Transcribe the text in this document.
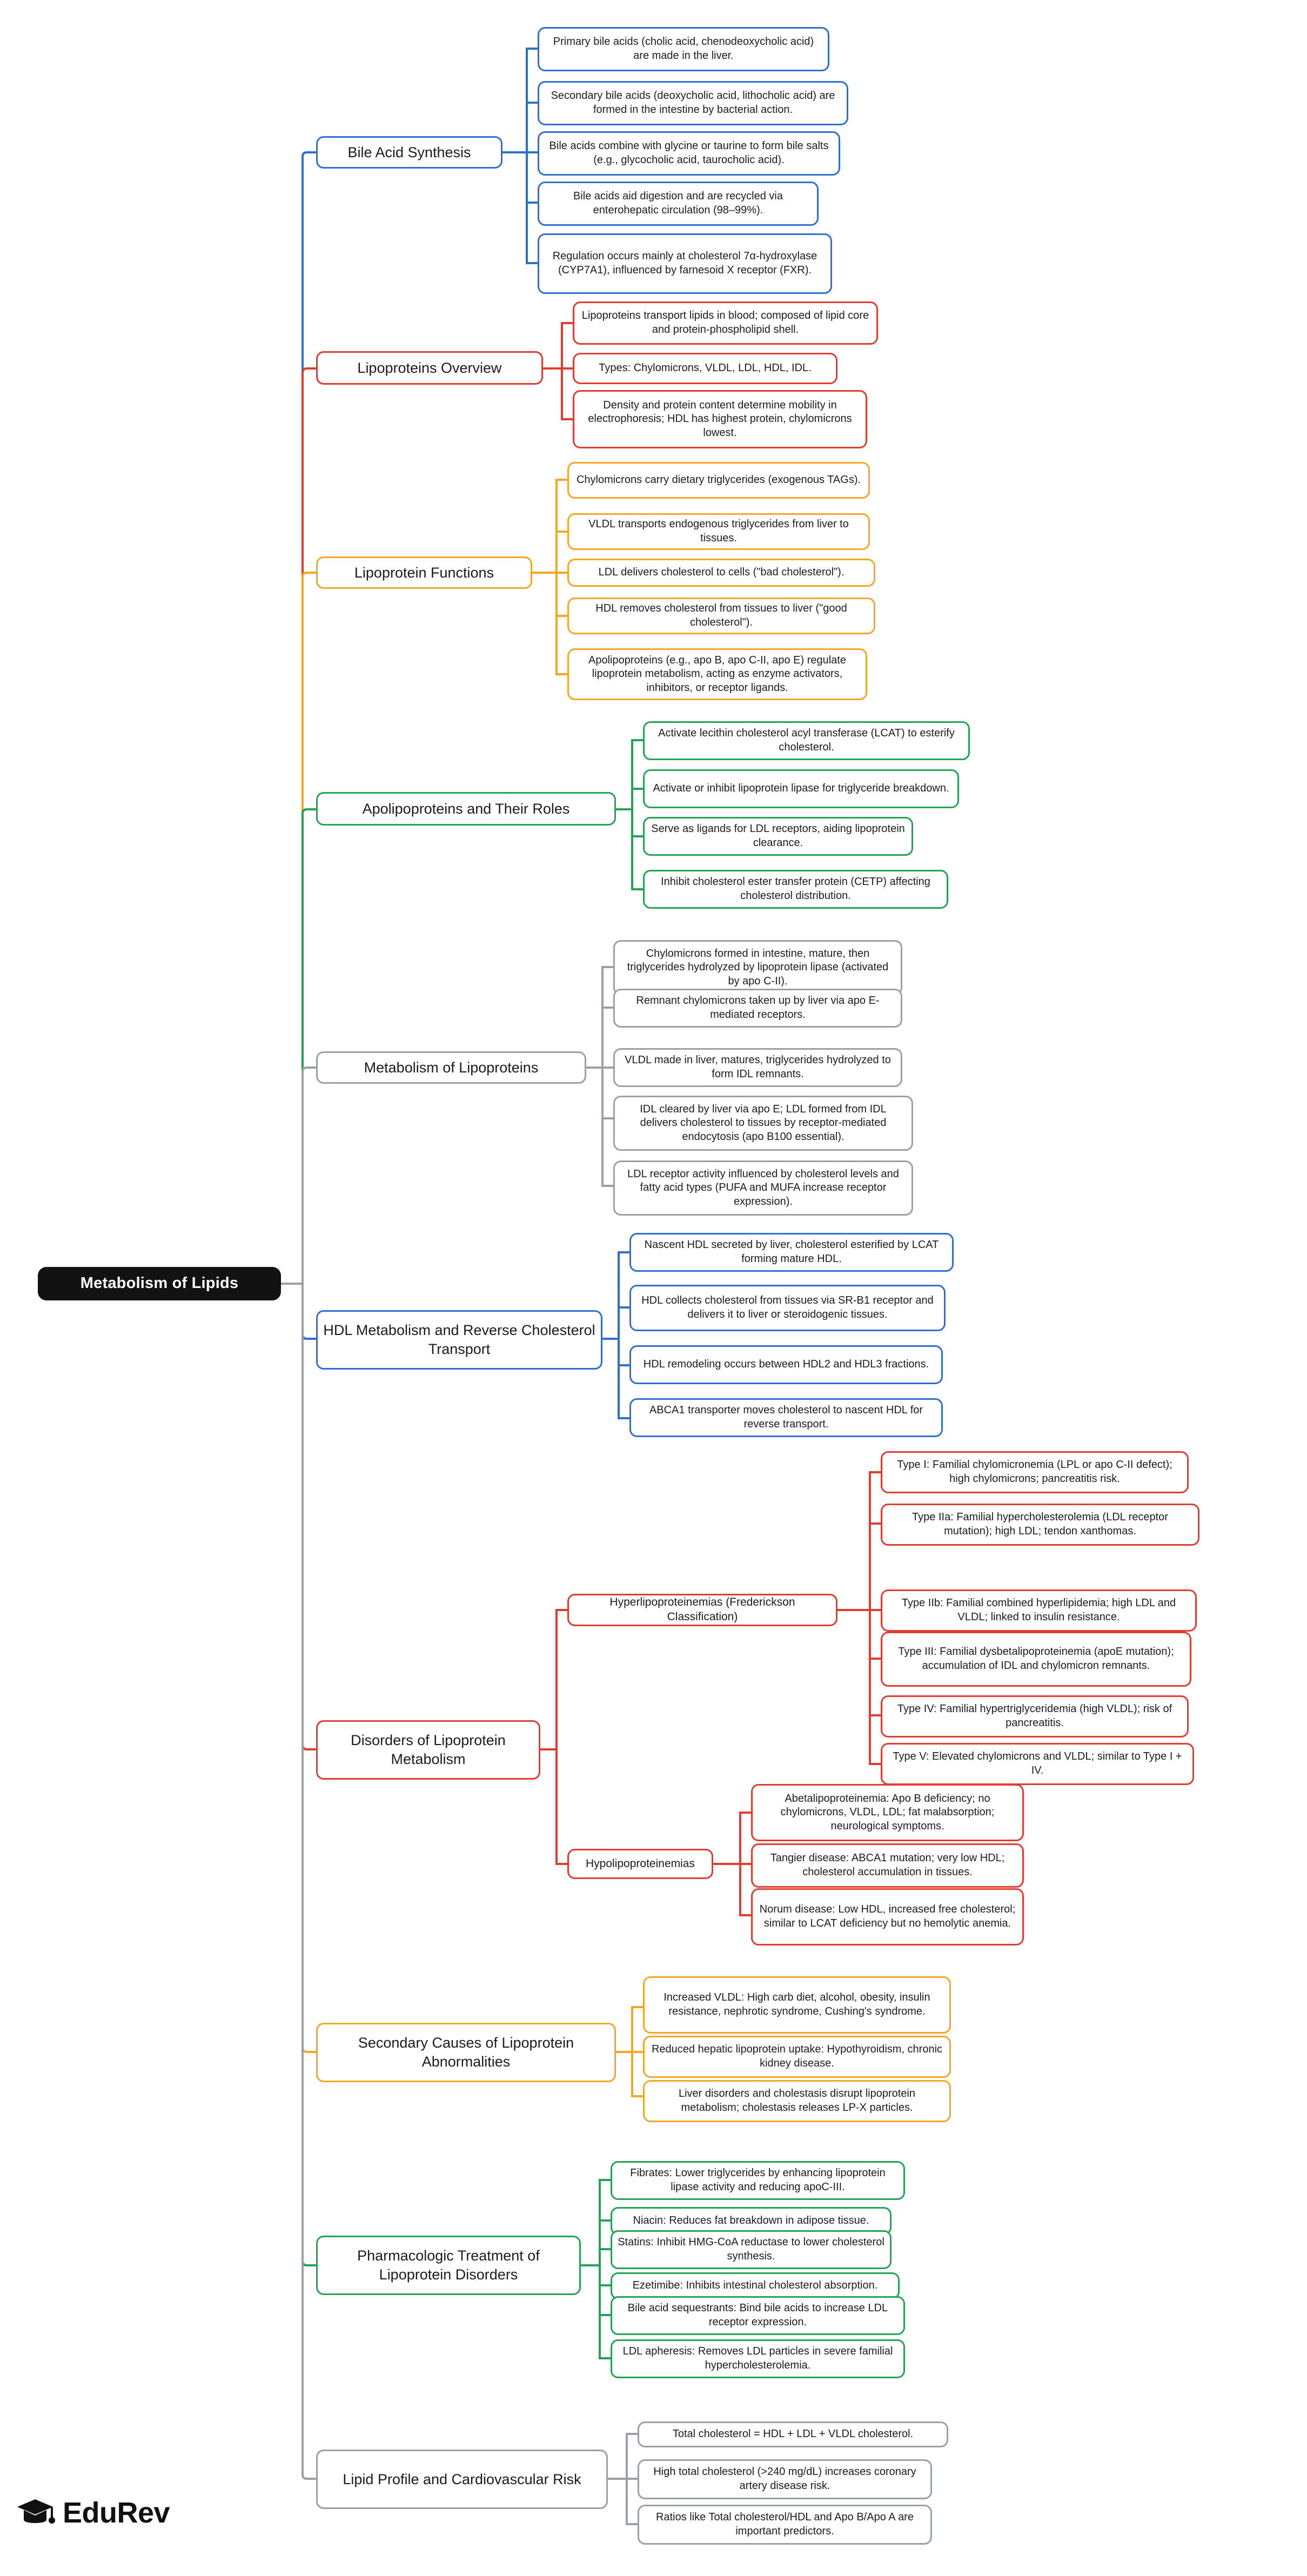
Metabolism of Lipids
Bile Acid Synthesis
Primary bile acids (cholic acid, chenodeoxycholic acid) are made in the liver.
Secondary bile acids (deoxycholic acid, lithocholic acid) are formed in the intestine by bacterial action.
Bile acids combine with glycine or taurine to form bile salts (e.g., glycocholic acid, taurocholic acid).
Bile acids aid digestion and are recycled via enterohepatic circulation (98–99%).
Regulation occurs mainly at cholesterol 7α-hydroxylase (CYP7A1), influenced by farnesoid X receptor (FXR).
Lipoproteins Overview
Lipoproteins transport lipids in blood; composed of lipid core and protein-phospholipid shell.
Types: Chylomicrons, VLDL, LDL, HDL, IDL.
Density and protein content determine mobility in electrophoresis; HDL has highest protein, chylomicrons lowest.
Lipoprotein Functions
Chylomicrons carry dietary triglycerides (exogenous TAGs).
VLDL transports endogenous triglycerides from liver to tissues.
LDL delivers cholesterol to cells ("bad cholesterol").
HDL removes cholesterol from tissues to liver ("good cholesterol").
Apolipoproteins (e.g., apo B, apo C-II, apo E) regulate lipoprotein metabolism, acting as enzyme activators, inhibitors, or receptor ligands.
Apolipoproteins and Their Roles
Activate lecithin cholesterol acyl transferase (LCAT) to esterify cholesterol.
Activate or inhibit lipoprotein lipase for triglyceride breakdown.
Serve as ligands for LDL receptors, aiding lipoprotein clearance.
Inhibit cholesterol ester transfer protein (CETP) affecting cholesterol distribution.
Metabolism of Lipoproteins
Chylomicrons formed in intestine, mature, then triglycerides hydrolyzed by lipoprotein lipase (activated by apo C-II).
Remnant chylomicrons taken up by liver via apo E-mediated receptors.
VLDL made in liver, matures, triglycerides hydrolyzed to form IDL remnants.
IDL cleared by liver via apo E; LDL formed from IDL delivers cholesterol to tissues by receptor-mediated endocytosis (apo B100 essential).
LDL receptor activity influenced by cholesterol levels and fatty acid types (PUFA and MUFA increase receptor expression).
HDL Metabolism and Reverse Cholesterol Transport
Nascent HDL secreted by liver, cholesterol esterified by LCAT forming mature HDL.
HDL collects cholesterol from tissues via SR-B1 receptor and delivers it to liver or steroidogenic tissues.
HDL remodeling occurs between HDL2 and HDL3 fractions.
ABCA1 transporter moves cholesterol to nascent HDL for reverse transport.
Disorders of Lipoprotein Metabolism
Hyperlipoproteinemias (Frederickson Classification)
Type I: Familial chylomicronemia (LPL or apo C-II defect); high chylomicrons; pancreatitis risk.
Type IIa: Familial hypercholesterolemia (LDL receptor mutation); high LDL; tendon xanthomas.
Type IIb: Familial combined hyperlipidemia; high LDL and VLDL; linked to insulin resistance.
Type III: Familial dysbetalipoproteinemia (apoE mutation); accumulation of IDL and chylomicron remnants.
Type IV: Familial hypertriglyceridemia (high VLDL); risk of pancreatitis.
Type V: Elevated chylomicrons and VLDL; similar to Type I + IV.
Hypolipoproteinemias
Abetalipoproteinemia: Apo B deficiency; no chylomicrons, VLDL, LDL; fat malabsorption; neurological symptoms.
Tangier disease: ABCA1 mutation; very low HDL; cholesterol accumulation in tissues.
Norum disease: Low HDL, increased free cholesterol; similar to LCAT deficiency but no hemolytic anemia.
Secondary Causes of Lipoprotein Abnormalities
Increased VLDL: High carb diet, alcohol, obesity, insulin resistance, nephrotic syndrome, Cushing's syndrome.
Reduced hepatic lipoprotein uptake: Hypothyroidism, chronic kidney disease.
Liver disorders and cholestasis disrupt lipoprotein metabolism; cholestasis releases LP-X particles.
Pharmacologic Treatment of Lipoprotein Disorders
Fibrates: Lower triglycerides by enhancing lipoprotein lipase activity and reducing apoC-III.
Niacin: Reduces fat breakdown in adipose tissue.
Statins: Inhibit HMG-CoA reductase to lower cholesterol synthesis.
Ezetimibe: Inhibits intestinal cholesterol absorption.
Bile acid sequestrants: Bind bile acids to increase LDL receptor expression.
LDL apheresis: Removes LDL particles in severe familial hypercholesterolemia.
Lipid Profile and Cardiovascular Risk
Total cholesterol = HDL + LDL + VLDL cholesterol.
High total cholesterol (>240 mg/dL) increases coronary artery disease risk.
Ratios like Total cholesterol/HDL and Apo B/Apo A are important predictors.
EduRev
